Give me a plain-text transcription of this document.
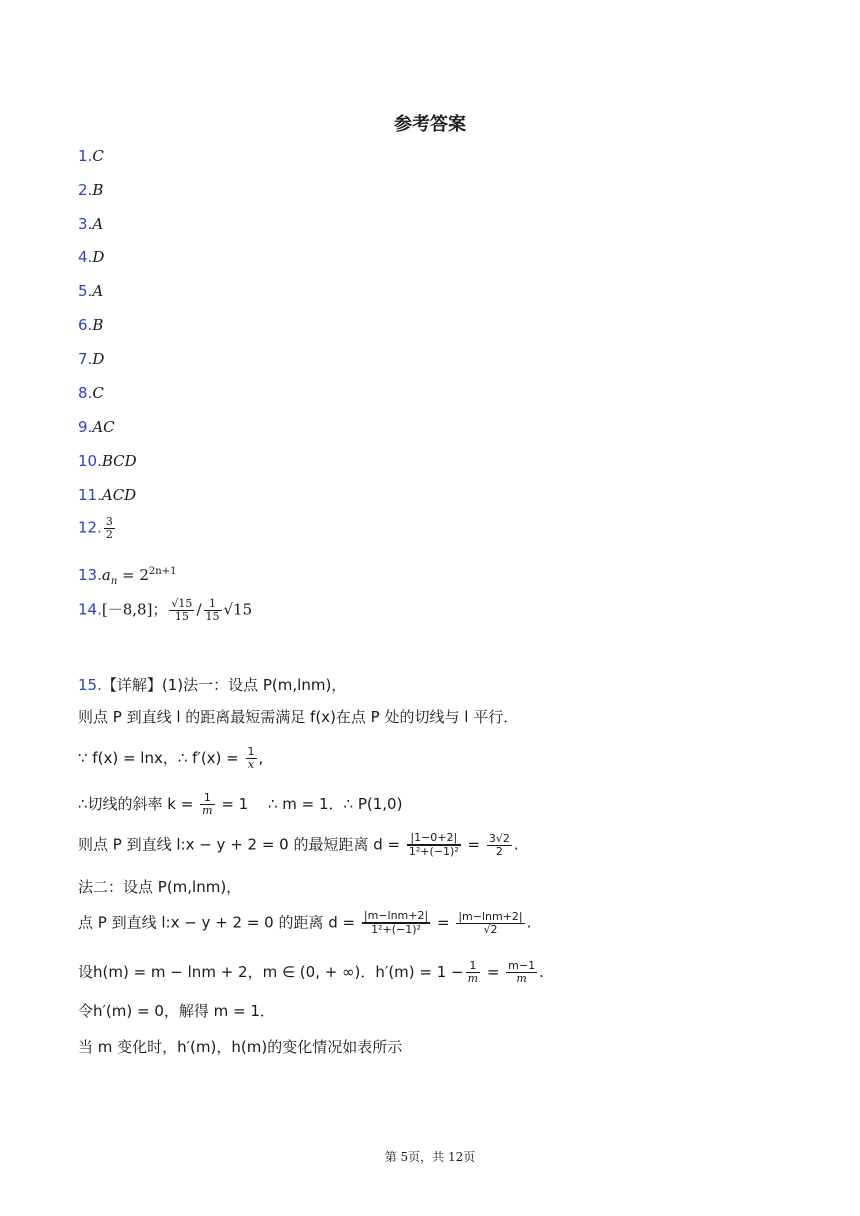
参考答案
1.C
2.B
3.A
4.D
5.A
6.B
7.D
8.C
9.AC
10.BCD
11.ACD
12. $\frac{3}{2}$
$13.a_n = 2^{2n+1}$
14.[－8,8]； $\frac{√15}{15} / \frac{1}{15} √15$
15.【详解】(1)法一：设点 P(m,lnm)，
则点 P 到直线 l 的距离最短需满足 f(x)在点 P 处的切线与 l 平行．
∵ f(x) = lnx，∴ $f'(x) = \frac{1}{x}$ ,
∴切线的斜率 $k = \frac{1}{m} = 1$　 ∴ m = 1．∴ P(1,0)
则点 P 到直线 l:x − y + 2 = 0 的最短距离 $d = \frac{|1-0+2|}{\text{1²+(−1)²}} = \frac{3√2}{2}$ .
法二：设点 P(m,lnm)，
点 P 到直线 l:x − y + 2 = 0 的距离 $d = \frac{|m-\ln m+2|}{\text{1²+(−1)²}} = \frac{|m-\ln m+2|}{√2}$ .
设h(m) = m − lnm + 2，m ∈ (0, + ∞)．$h'(m) = 1 - \frac{1}{m} = \frac{m-1}{m}$ .
令h′(m) = 0，解得 m = 1．
当 m 变化时，h′(m)，h(m)的变化情况如表所示
第 5页，共 12页
